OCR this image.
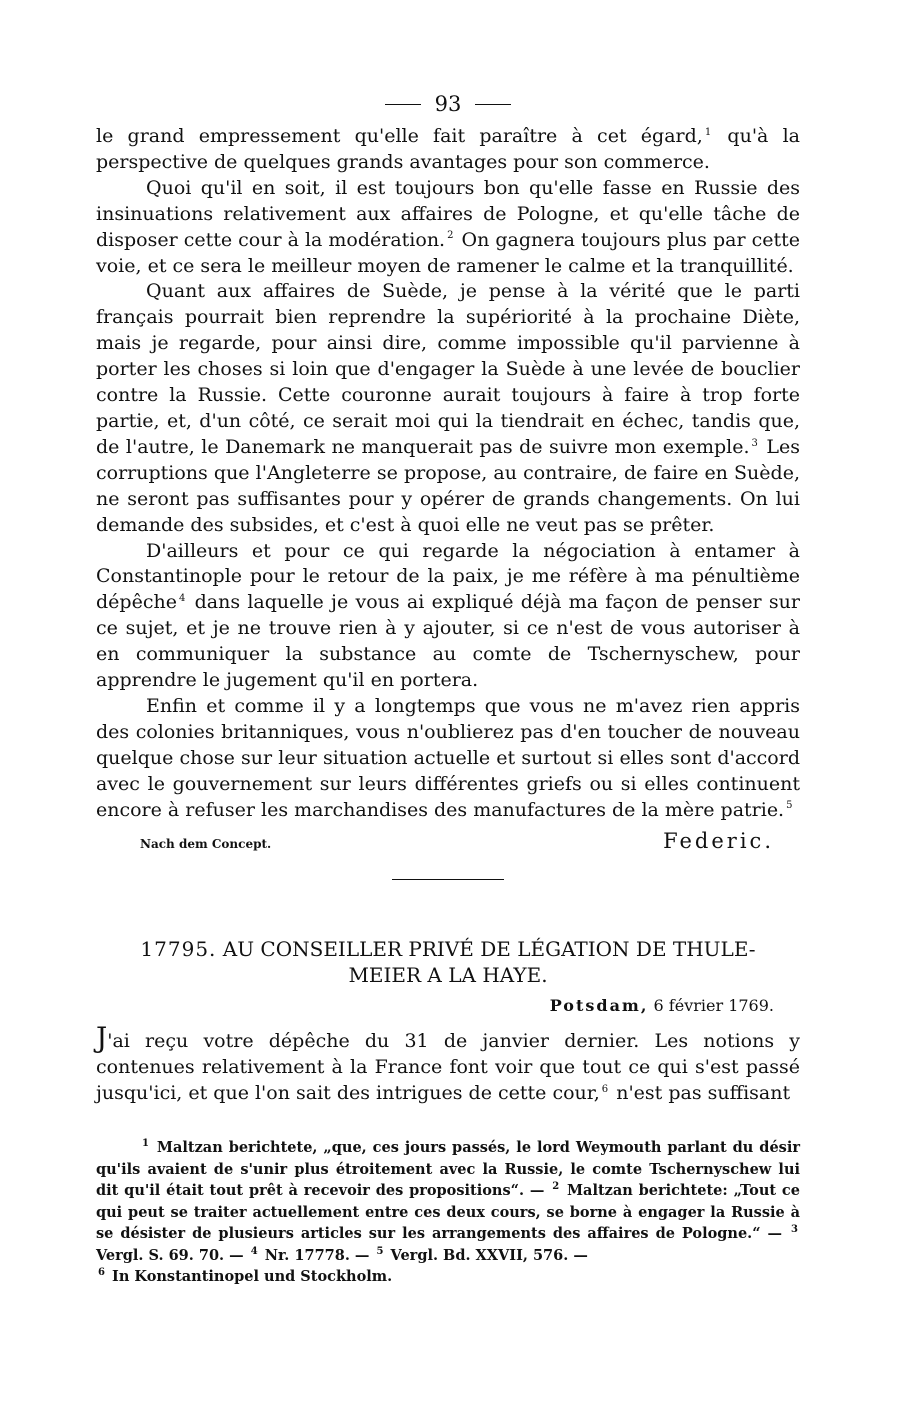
93

le grand empressement qu'elle fait paraître à cet égard, $^1$ qu'à la perspective de quelques grands avantages pour son commerce.

Quoi qu'il en soit, il est toujours bon qu'elle fasse en Russie des insinuations relativement aux affaires de Pologne, et qu'elle tâche de disposer cette cour à la modération. $^2$ On gagnera toujours plus par cette voie, et ce sera le meilleur moyen de ramener le calme et la tranquillité.

Quant aux affaires de Suède, je pense à la vérité que le parti français pourrait bien reprendre la supériorité à la prochaine Diète, mais je regarde, pour ainsi dire, comme impossible qu'il parvienne à porter les choses si loin que d'engager la Suède à une levée de bouclier contre la Russie. Cette couronne aurait toujours à faire à trop forte partie, et, d'un côté, ce serait moi qui la tiendrait en échec, tandis que, de l'autre, le Danemark ne manquerait pas de suivre mon exemple. $^3$ Les corruptions que l'Angleterre se propose, au contraire, de faire en Suède, ne seront pas suffisantes pour y opérer de grands changements. On lui demande des subsides, et c'est à quoi elle ne veut pas se prêter.

D'ailleurs et pour ce qui regarde la négociation à entamer à Constantinople pour le retour de la paix, je me réfère à ma pénultième dépêche $^4$ dans laquelle je vous ai expliqué déjà ma façon de penser sur ce sujet, et je ne trouve rien à y ajouter, si ce n'est de vous autoriser à en communiquer la substance au comte de Tschernyschew, pour apprendre le jugement qu'il en portera.

Enfin et comme il y a longtemps que vous ne m'avez rien appris des colonies britanniques, vous n'oublierez pas d'en toucher de nouveau quelque chose sur leur situation actuelle et surtout si elles sont d'accord avec le gouvernement sur leurs différentes griefs ou si elles continuent encore à refuser les marchandises des manufactures de la mère patrie. $^5$

Nach dem Concept.	Federic.
17795. AU CONSEILLER PRIVÉ DE LÉGATION DE THULE-
MEIER A LA HAYE.
Potsdam, 6 février 1769.

J'ai reçu votre dépêche du 31 de janvier dernier. Les notions y contenues relativement à la France font voir que tout ce qui s'est passé jusqu'ici, et que l'on sait des intrigues de cette cour, $^6$ n'est pas suffisant

$^1$ Maltzan berichtete, „que, ces jours passés, le lord Weymouth parlant du désir qu'ils avaient de s'unir plus étroitement avec la Russie, le comte Tschernyschew lui dit qu'il était tout prêt à recevoir des propositions“. — $^2$ Maltzan berichtete: „Tout ce qui peut se traiter actuellement entre ces deux cours, se borne à engager la Russie à se désister de plusieurs articles sur les arrangements des affaires de Pologne.“ — $^3$ Vergl. S. 69. 70. — $^4$ Nr. 17778. — $^5$ Vergl. Bd. XXVII, 576. —
$^6$ In Konstantinopel und Stockholm.
